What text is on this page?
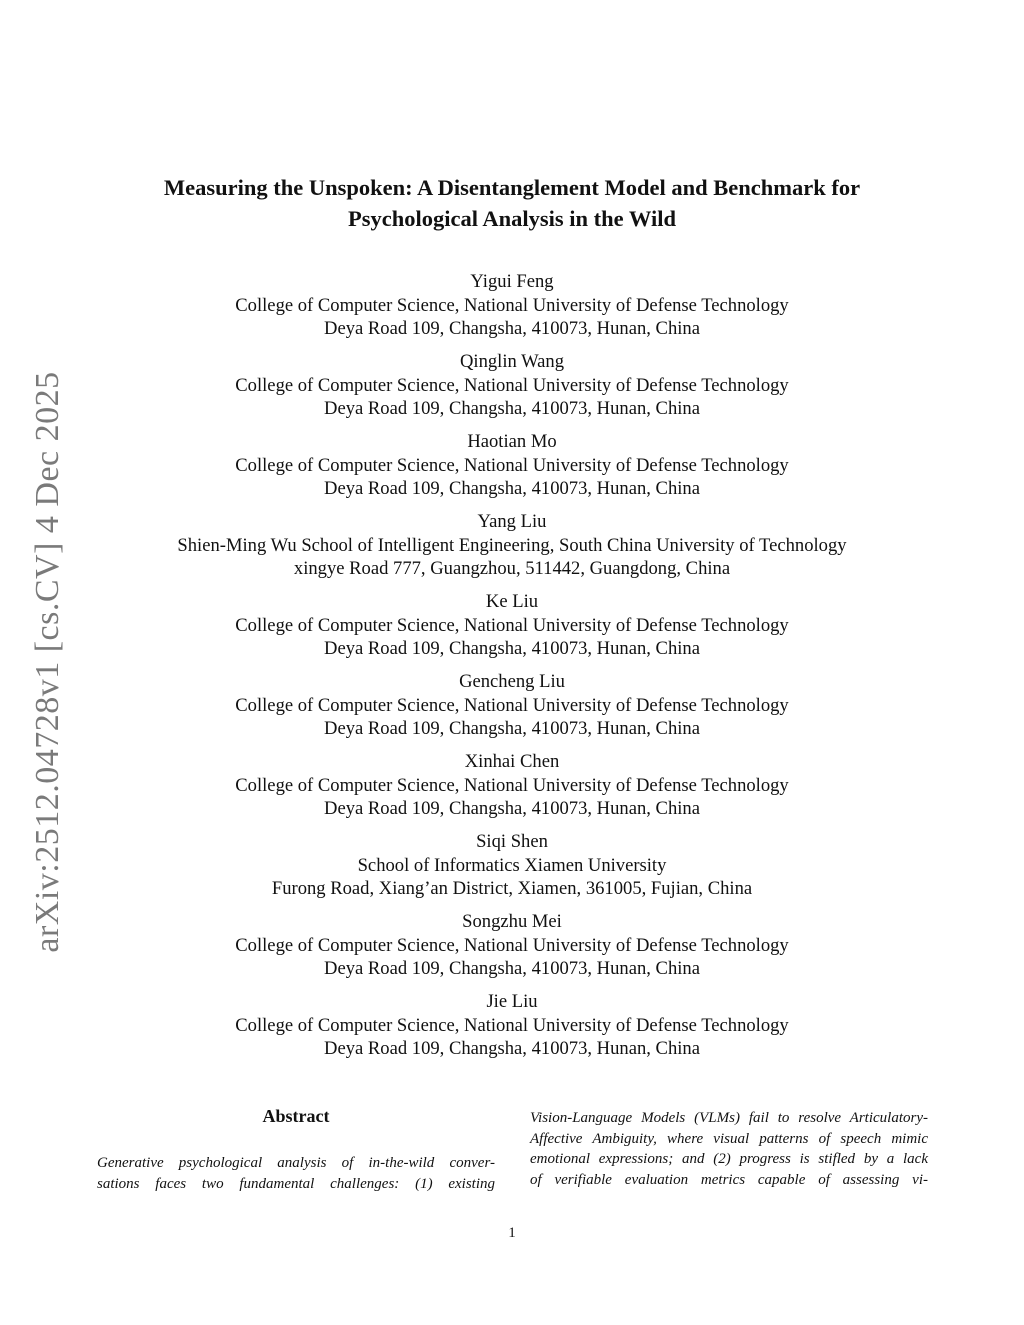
Measuring the Unspoken: A Disentanglement Model and Benchmark for
Psychological Analysis in the Wild
arXiv:2512.04728v1 [cs.CV] 4 Dec 2025
Yigui Feng
College of Computer Science, National University of Defense Technology
Deya Road 109, Changsha, 410073, Hunan, China
Qinglin Wang
College of Computer Science, National University of Defense Technology
Deya Road 109, Changsha, 410073, Hunan, China
Haotian Mo
College of Computer Science, National University of Defense Technology
Deya Road 109, Changsha, 410073, Hunan, China
Yang Liu
Shien-Ming Wu School of Intelligent Engineering, South China University of Technology
xingye Road 777, Guangzhou, 511442, Guangdong, China
Ke Liu
College of Computer Science, National University of Defense Technology
Deya Road 109, Changsha, 410073, Hunan, China
Gencheng Liu
College of Computer Science, National University of Defense Technology
Deya Road 109, Changsha, 410073, Hunan, China
Xinhai Chen
College of Computer Science, National University of Defense Technology
Deya Road 109, Changsha, 410073, Hunan, China
Siqi Shen
School of Informatics Xiamen University
Furong Road, Xiang’an District, Xiamen, 361005, Fujian, China
Songzhu Mei
College of Computer Science, National University of Defense Technology
Deya Road 109, Changsha, 410073, Hunan, China
Jie Liu
College of Computer Science, National University of Defense Technology
Deya Road 109, Changsha, 410073, Hunan, China
Abstract
Generative psychological analysis of in-the-wild conver-
sations faces two fundamental challenges: (1) existing
Vision-Language Models (VLMs) fail to resolve Articulatory-
Affective Ambiguity, where visual patterns of speech mimic
emotional expressions; and (2) progress is stifled by a lack
of verifiable evaluation metrics capable of assessing vi-
1
